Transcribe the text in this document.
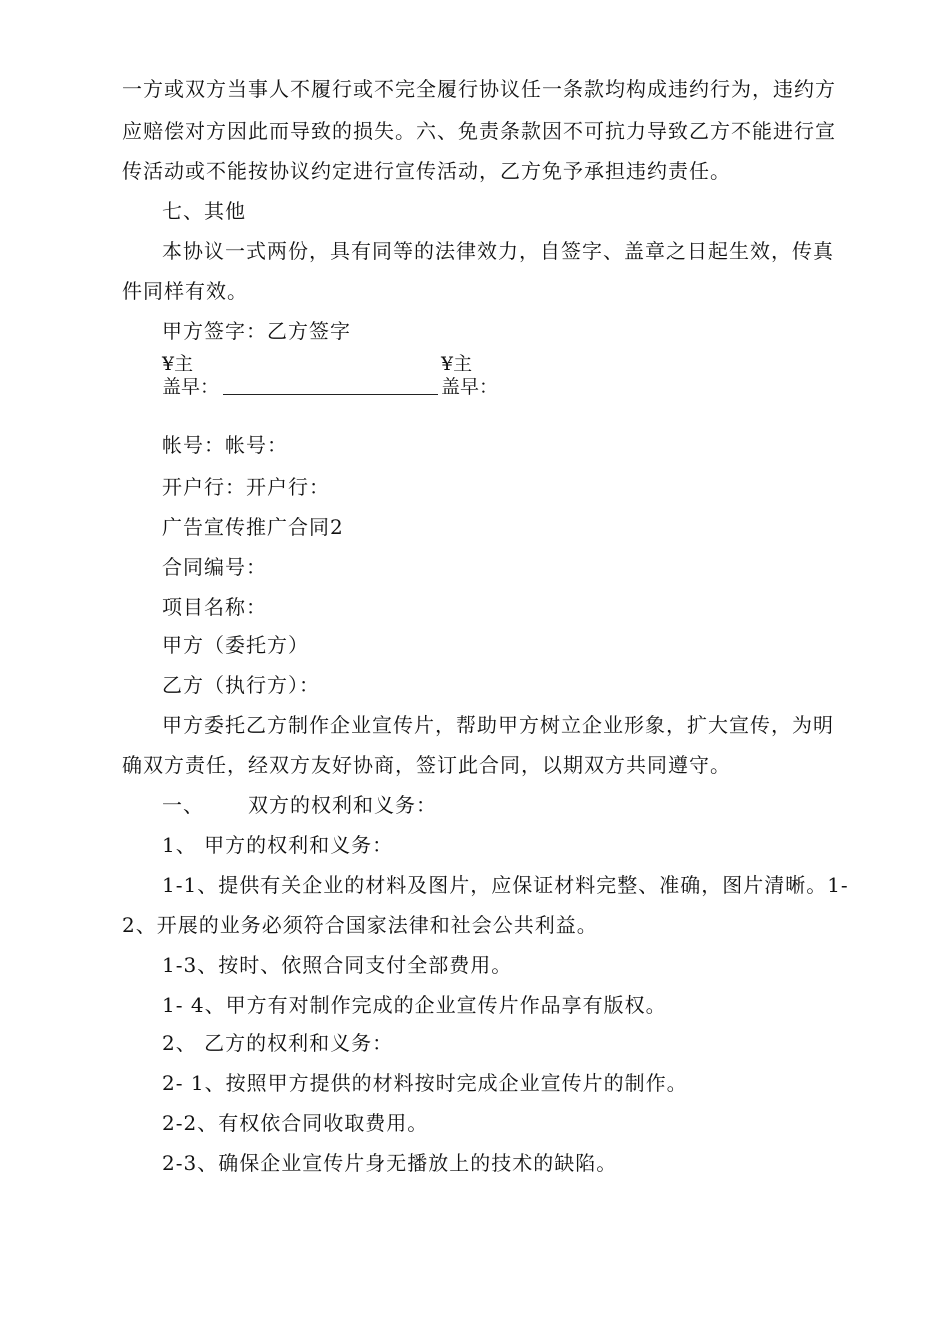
一方或双方当事人不履行或不完全履行协议任一条款均构成违约行为，违约方
应赔偿对方因此而导致的损失。六、免责条款因不可抗力导致乙方不能进行宣
传活动或不能按协议约定进行宣传活动，乙方免予承担违约责任。
七、其他
本协议一式两份，具有同等的法律效力，自签字、盖章之日起生效，传真
件同样有效。
甲方签字：乙方签字
¥主
盖早：
¥主
盖早：
帐号：帐号：
开户行：开户行：
广告宣传推广合同2
合同编号：
项目名称：
甲方（委托方）
乙方（执行方）：
甲方委托乙方制作企业宣传片，帮助甲方树立企业形象，扩大宣传，为明
确双方责任，经双方友好协商，签订此合同，以期双方共同遵守。
一、 双方的权利和义务：
1、 甲方的权利和义务：
1-1、提供有关企业的材料及图片，应保证材料完整、准确，图片清晰。1-
2、开展的业务必须符合国家法律和社会公共利益。
1-3、按时、依照合同支付全部费用。
1- 4、甲方有对制作完成的企业宣传片作品享有版权。
2、 乙方的权利和义务：
2- 1、按照甲方提供的材料按时完成企业宣传片的制作。
2-2、有权依合同收取费用。
2-3、确保企业宣传片身无播放上的技术的缺陷。
